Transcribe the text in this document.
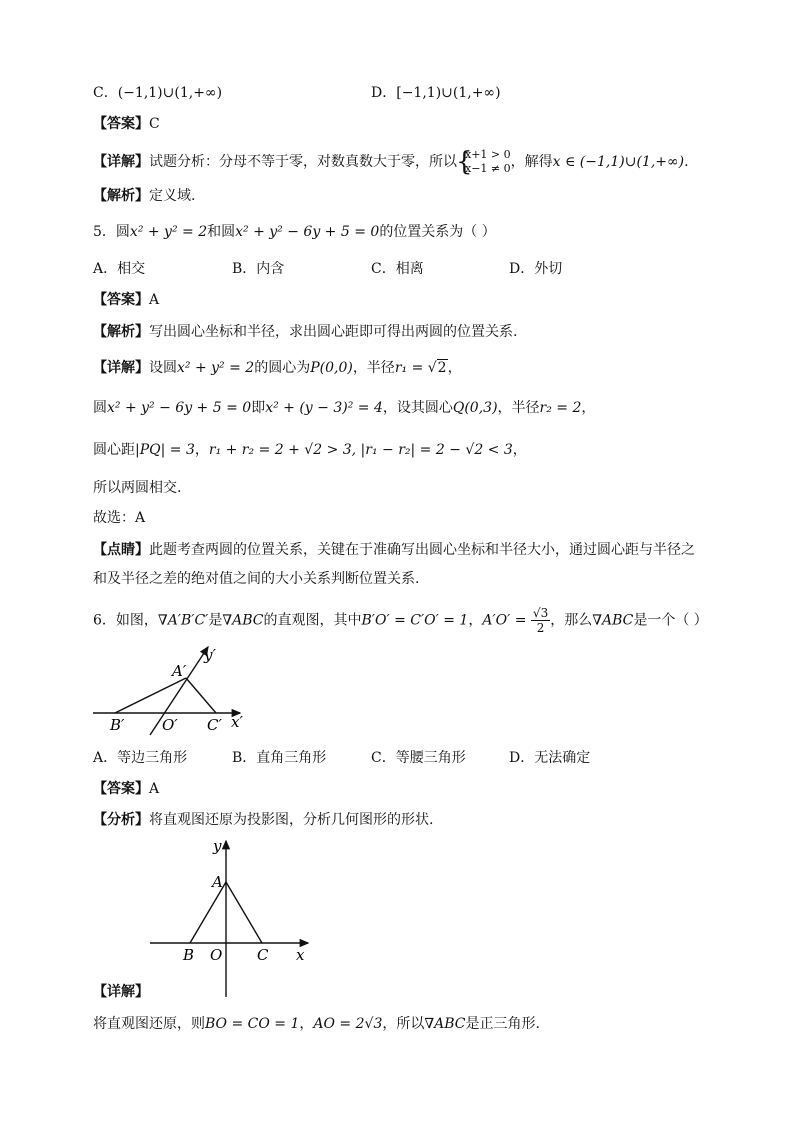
C．(−1,1)∪(1,+∞)	D．[−1,1)∪(1,+∞)
【答案】C
【详解】试题分析：分母不等于零，对数真数大于零，所以
{ x+1 > 0
x−1 ≠ 0 ，解得x ∈ (−1,1)∪(1,+∞).
【解析】定义域.
5．圆x² + y² = 2和圆x² + y² − 6y + 5 = 0的位置关系为（ ）
A．相交	B．内含	C．相离	D．外切
【答案】A
【解析】写出圆心坐标和半径，求出圆心距即可得出两圆的位置关系.
【详解】设圆x² + y² = 2的圆心为P(0,0)，半径r₁ = √2，
圆x² + y² − 6y + 5 = 0即x² + (y − 3)² = 4，设其圆心Q(0,3)，半径r₂ = 2，
圆心距|PQ| = 3，r₁ + r₂ = 2 + √2 > 3, |r₁ − r₂| = 2 − √2 < 3，
所以两圆相交.
故选：A
【点睛】此题考查两圆的位置关系，关键在于准确写出圆心坐标和半径大小，通过圆心距与半径之
和及半径之差的绝对值之间的大小关系判断位置关系.
6．如图，∇A′B′C′是∇ABC的直观图，其中B′O′ = C′O′ = 1，$A'O' = \frac{√3}{2}$ ，那么∇ABC是一个（ ）
A′
y′
B′	O′ C′ x′
A．等边三角形	B．直角三角形	C．等腰三角形	D．无法确定
【答案】A
【分析】将直观图还原为投影图，分析几何图形的形状.
y
A
B O C x
【详解】
将直观图还原，则BO = CO = 1，AO = 2√3，所以∇ABC是正三角形.
